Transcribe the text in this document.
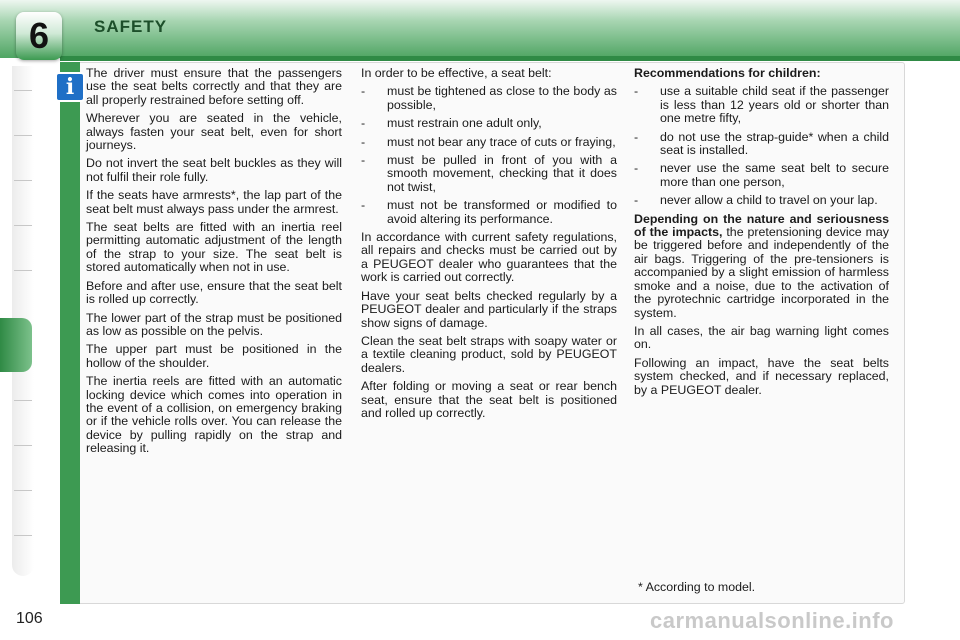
6	SAFETY
i

The driver must ensure that the passengers use the seat belts correctly and that they are all properly restrained before setting off.

Wherever you are seated in the vehicle, always fasten your seat belt, even for short journeys.

Do not invert the seat belt buckles as they will not fulfil their role fully.

If the seats have armrests*, the lap part of the seat belt must always pass under the armrest.

The seat belts are fitted with an inertia reel permitting automatic adjustment of the length of the strap to your size. The seat belt is stored automatically when not in use.

Before and after use, ensure that the seat belt is rolled up correctly.

The lower part of the strap must be positioned as low as possible on the pelvis.

The upper part must be positioned in the hollow of the shoulder.

The inertia reels are fitted with an automatic locking device which comes into operation in the event of a collision, on emergency braking or if the vehicle rolls over. You can release the device by pulling rapidly on the strap and releasing it.

In order to be effective, a seat belt:

-	must be tightened as close to the body as possible,
-	must restrain one adult only,
-	must not bear any trace of cuts or fraying,
-	must be pulled in front of you with a smooth movement, checking that it does not twist,
-	must not be transformed or modified to avoid altering its performance.

In accordance with current safety regulations, all repairs and checks must be carried out by a PEUGEOT dealer who guarantees that the work is carried out correctly.

Have your seat belts checked regularly by a PEUGEOT dealer and particularly if the straps show signs of damage.

Clean the seat belt straps with soapy water or a textile cleaning product, sold by PEUGEOT dealers.

After folding or moving a seat or rear bench seat, ensure that the seat belt is positioned and rolled up correctly.

Recommendations for children:

-	use a suitable child seat if the passenger is less than 12 years old or shorter than one metre fifty,
-	do not use the strap-guide* when a child seat is installed.
-	never use the same seat belt to secure more than one person,
-	never allow a child to travel on your lap.

Depending on the nature and seriousness of the impacts, the pretensioning device may be triggered before and independently of the air bags. Triggering of the pre-tensioners is accompanied by a slight emission of harmless smoke and a noise, due to the activation of the pyrotechnic cartridge incorporated in the system.

In all cases, the air bag warning light comes on.

Following an impact, have the seat belts system checked, and if necessary replaced, by a PEUGEOT dealer.

* According to model.
106	carmanualsonline.info
